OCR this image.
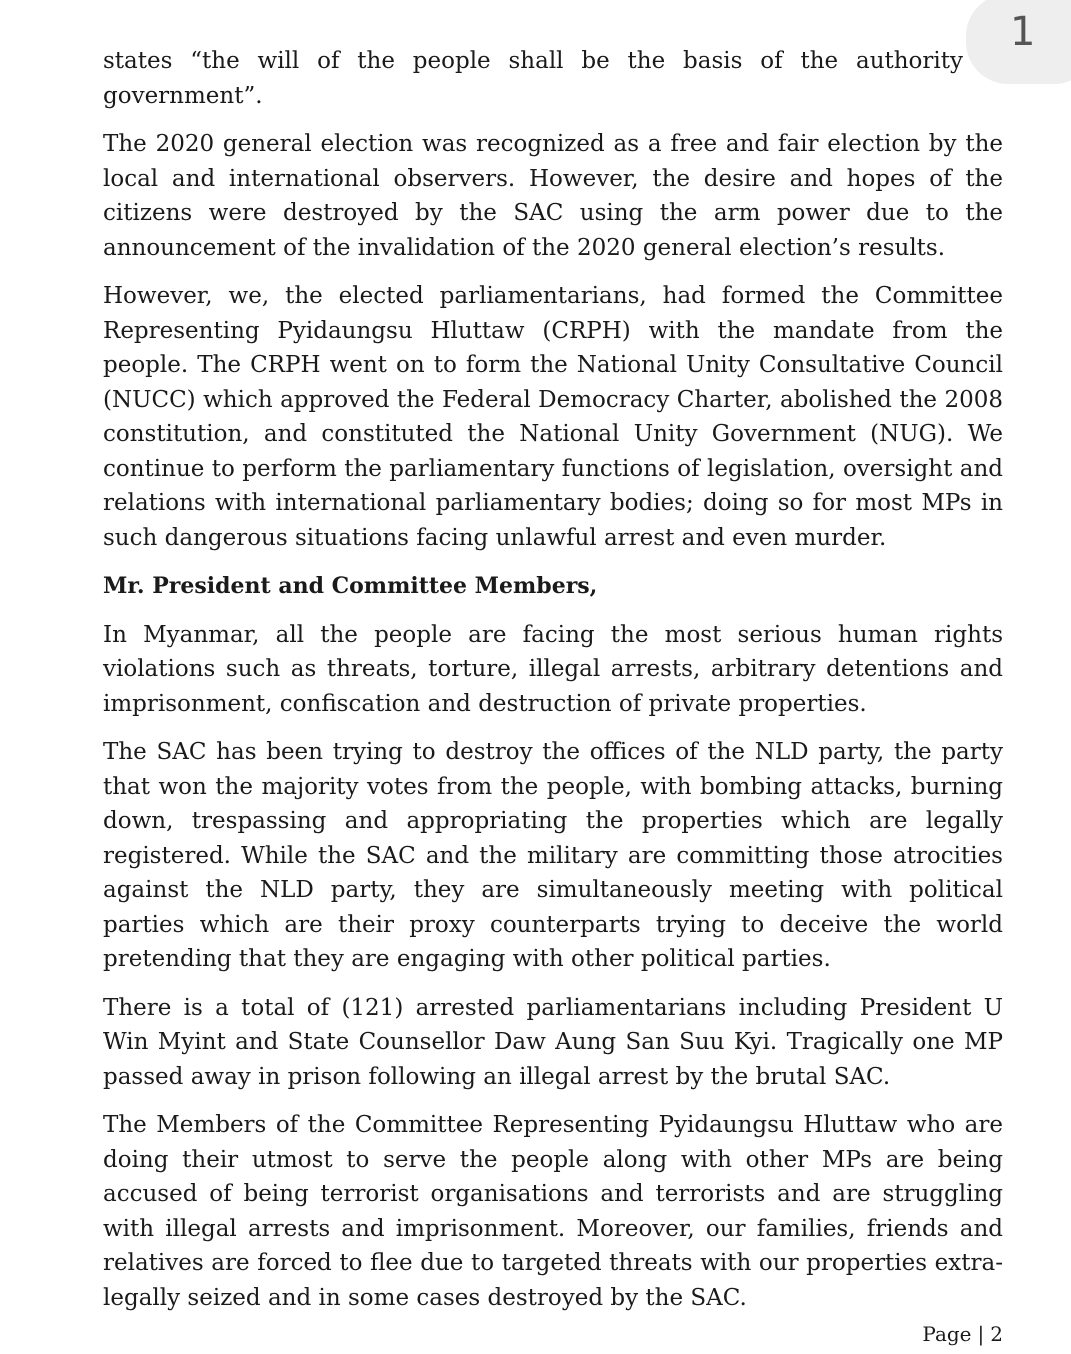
1

states “the will of the people shall be the basis of the authority government”.

The 2020 general election was recognized as a free and fair election by the local and international observers. However, the desire and hopes of the citizens were destroyed by the SAC using the arm power due to the announcement of the invalidation of the 2020 general election’s results.

However, we, the elected parliamentarians, had formed the Committee Representing Pyidaungsu Hluttaw (CRPH) with the mandate from the people. The CRPH went on to form the National Unity Consultative Council (NUCC) which approved the Federal Democracy Charter, abolished the 2008 constitution, and constituted the National Unity Government (NUG). We continue to perform the parliamentary functions of legislation, oversight and relations with international parliamentary bodies; doing so for most MPs in such dangerous situations facing unlawful arrest and even murder.

Mr. President and Committee Members,

In Myanmar, all the people are facing the most serious human rights violations such as threats, torture, illegal arrests, arbitrary detentions and imprisonment, confiscation and destruction of private properties.

The SAC has been trying to destroy the offices of the NLD party, the party that won the majority votes from the people, with bombing attacks, burning down, trespassing and appropriating the properties which are legally registered. While the SAC and the military are committing those atrocities against the NLD party, they are simultaneously meeting with political parties which are their proxy counterparts trying to deceive the world pretending that they are engaging with other political parties.

There is a total of (121) arrested parliamentarians including President U Win Myint and State Counsellor Daw Aung San Suu Kyi. Tragically one MP passed away in prison following an illegal arrest by the brutal SAC.

The Members of the Committee Representing Pyidaungsu Hluttaw who are doing their utmost to serve the people along with other MPs are being accused of being terrorist organisations and terrorists and are struggling with illegal arrests and imprisonment. Moreover, our families, friends and relatives are forced to flee due to targeted threats with our properties extra-legally seized and in some cases destroyed by the SAC.

Page | 2
